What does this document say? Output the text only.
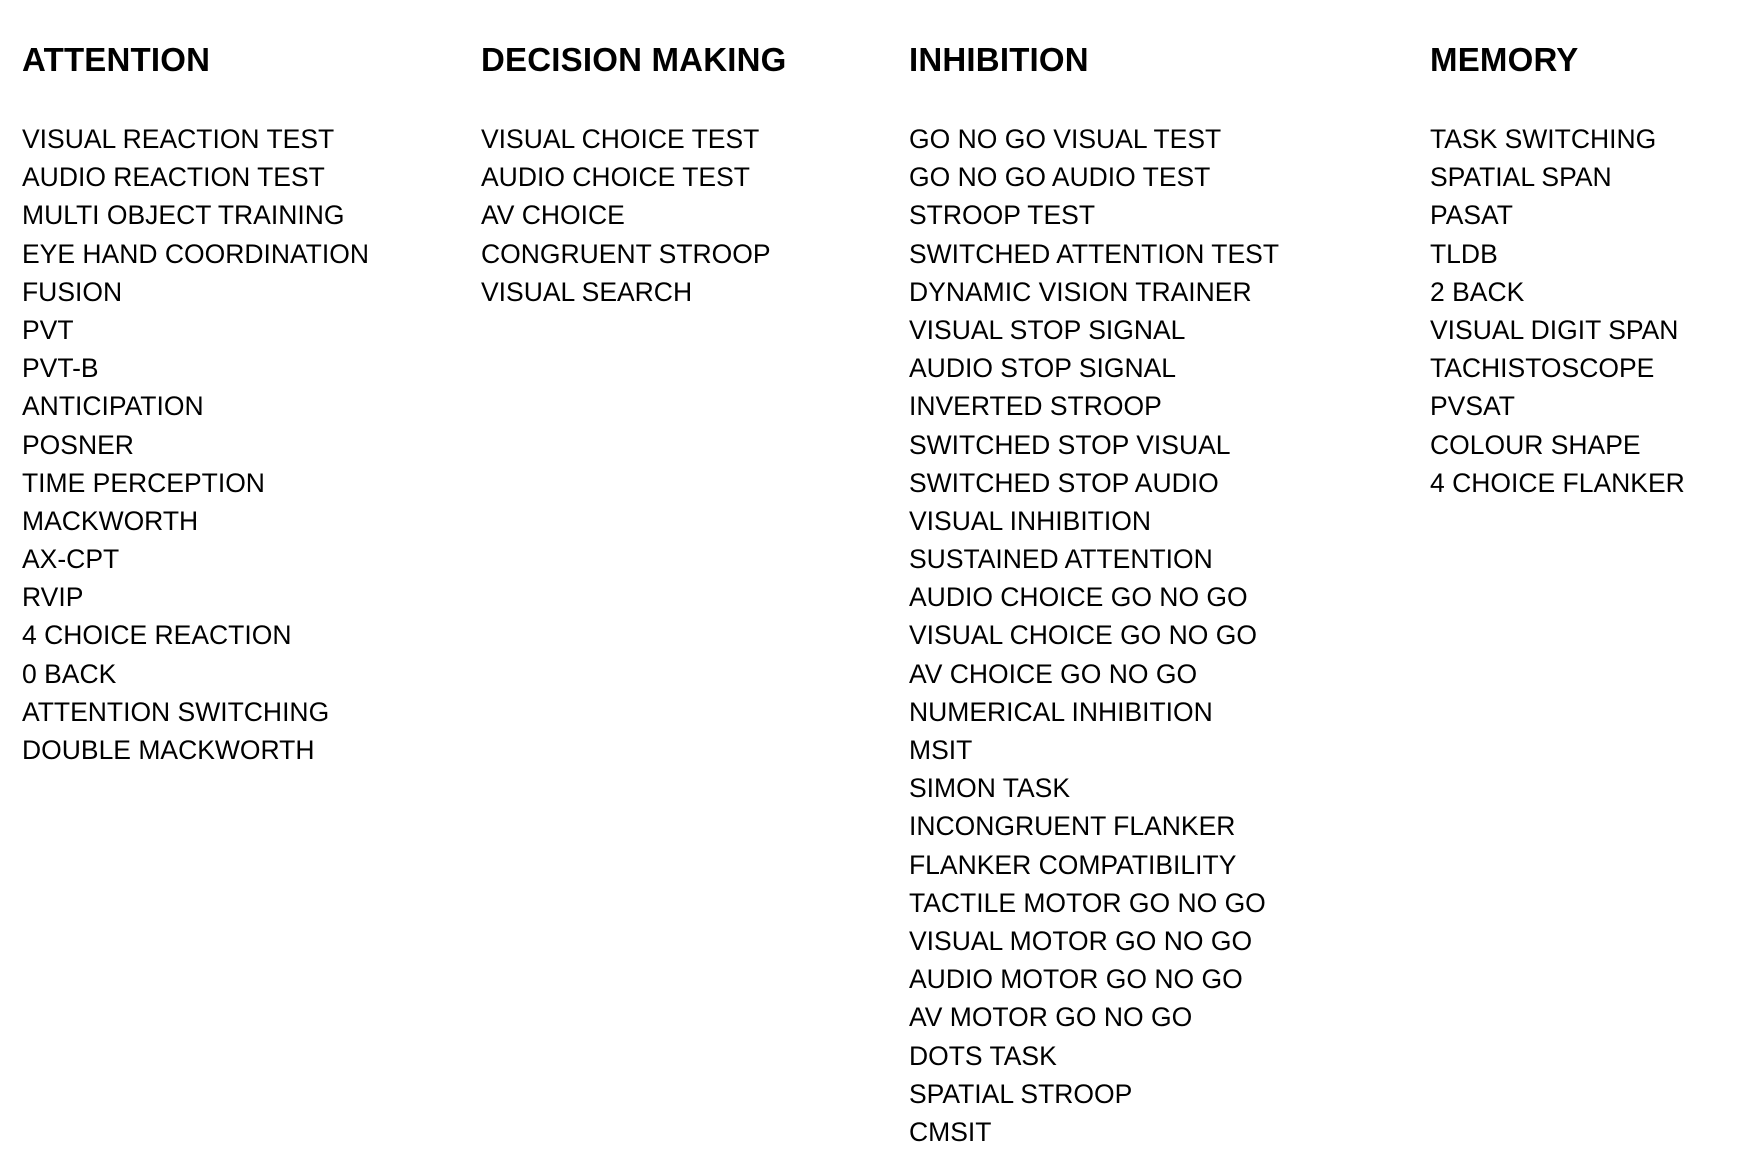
ATTENTION
VISUAL REACTION TEST
AUDIO REACTION TEST
MULTI OBJECT TRAINING
EYE HAND COORDINATION
FUSION
PVT
PVT-B
ANTICIPATION
POSNER
TIME PERCEPTION
MACKWORTH
AX-CPT
RVIP
4 CHOICE REACTION
0 BACK
ATTENTION SWITCHING
DOUBLE MACKWORTH
DECISION MAKING
VISUAL CHOICE TEST
AUDIO CHOICE TEST
AV CHOICE
CONGRUENT STROOP
VISUAL SEARCH
INHIBITION
GO NO GO VISUAL TEST
GO NO GO AUDIO TEST
STROOP TEST
SWITCHED ATTENTION TEST
DYNAMIC VISION TRAINER
VISUAL STOP SIGNAL
AUDIO STOP SIGNAL
INVERTED STROOP
SWITCHED STOP VISUAL
SWITCHED STOP AUDIO
VISUAL INHIBITION
SUSTAINED ATTENTION
AUDIO CHOICE GO NO GO
VISUAL CHOICE GO NO GO
AV CHOICE GO NO GO
NUMERICAL INHIBITION
MSIT
SIMON TASK
INCONGRUENT FLANKER
FLANKER COMPATIBILITY
TACTILE MOTOR GO NO GO
VISUAL MOTOR GO NO GO
AUDIO MOTOR GO NO GO
AV MOTOR GO NO GO
DOTS TASK
SPATIAL STROOP
CMSIT
MEMORY
TASK SWITCHING
SPATIAL SPAN
PASAT
TLDB
2 BACK
VISUAL DIGIT SPAN
TACHISTOSCOPE
PVSAT
COLOUR SHAPE
4 CHOICE FLANKER
